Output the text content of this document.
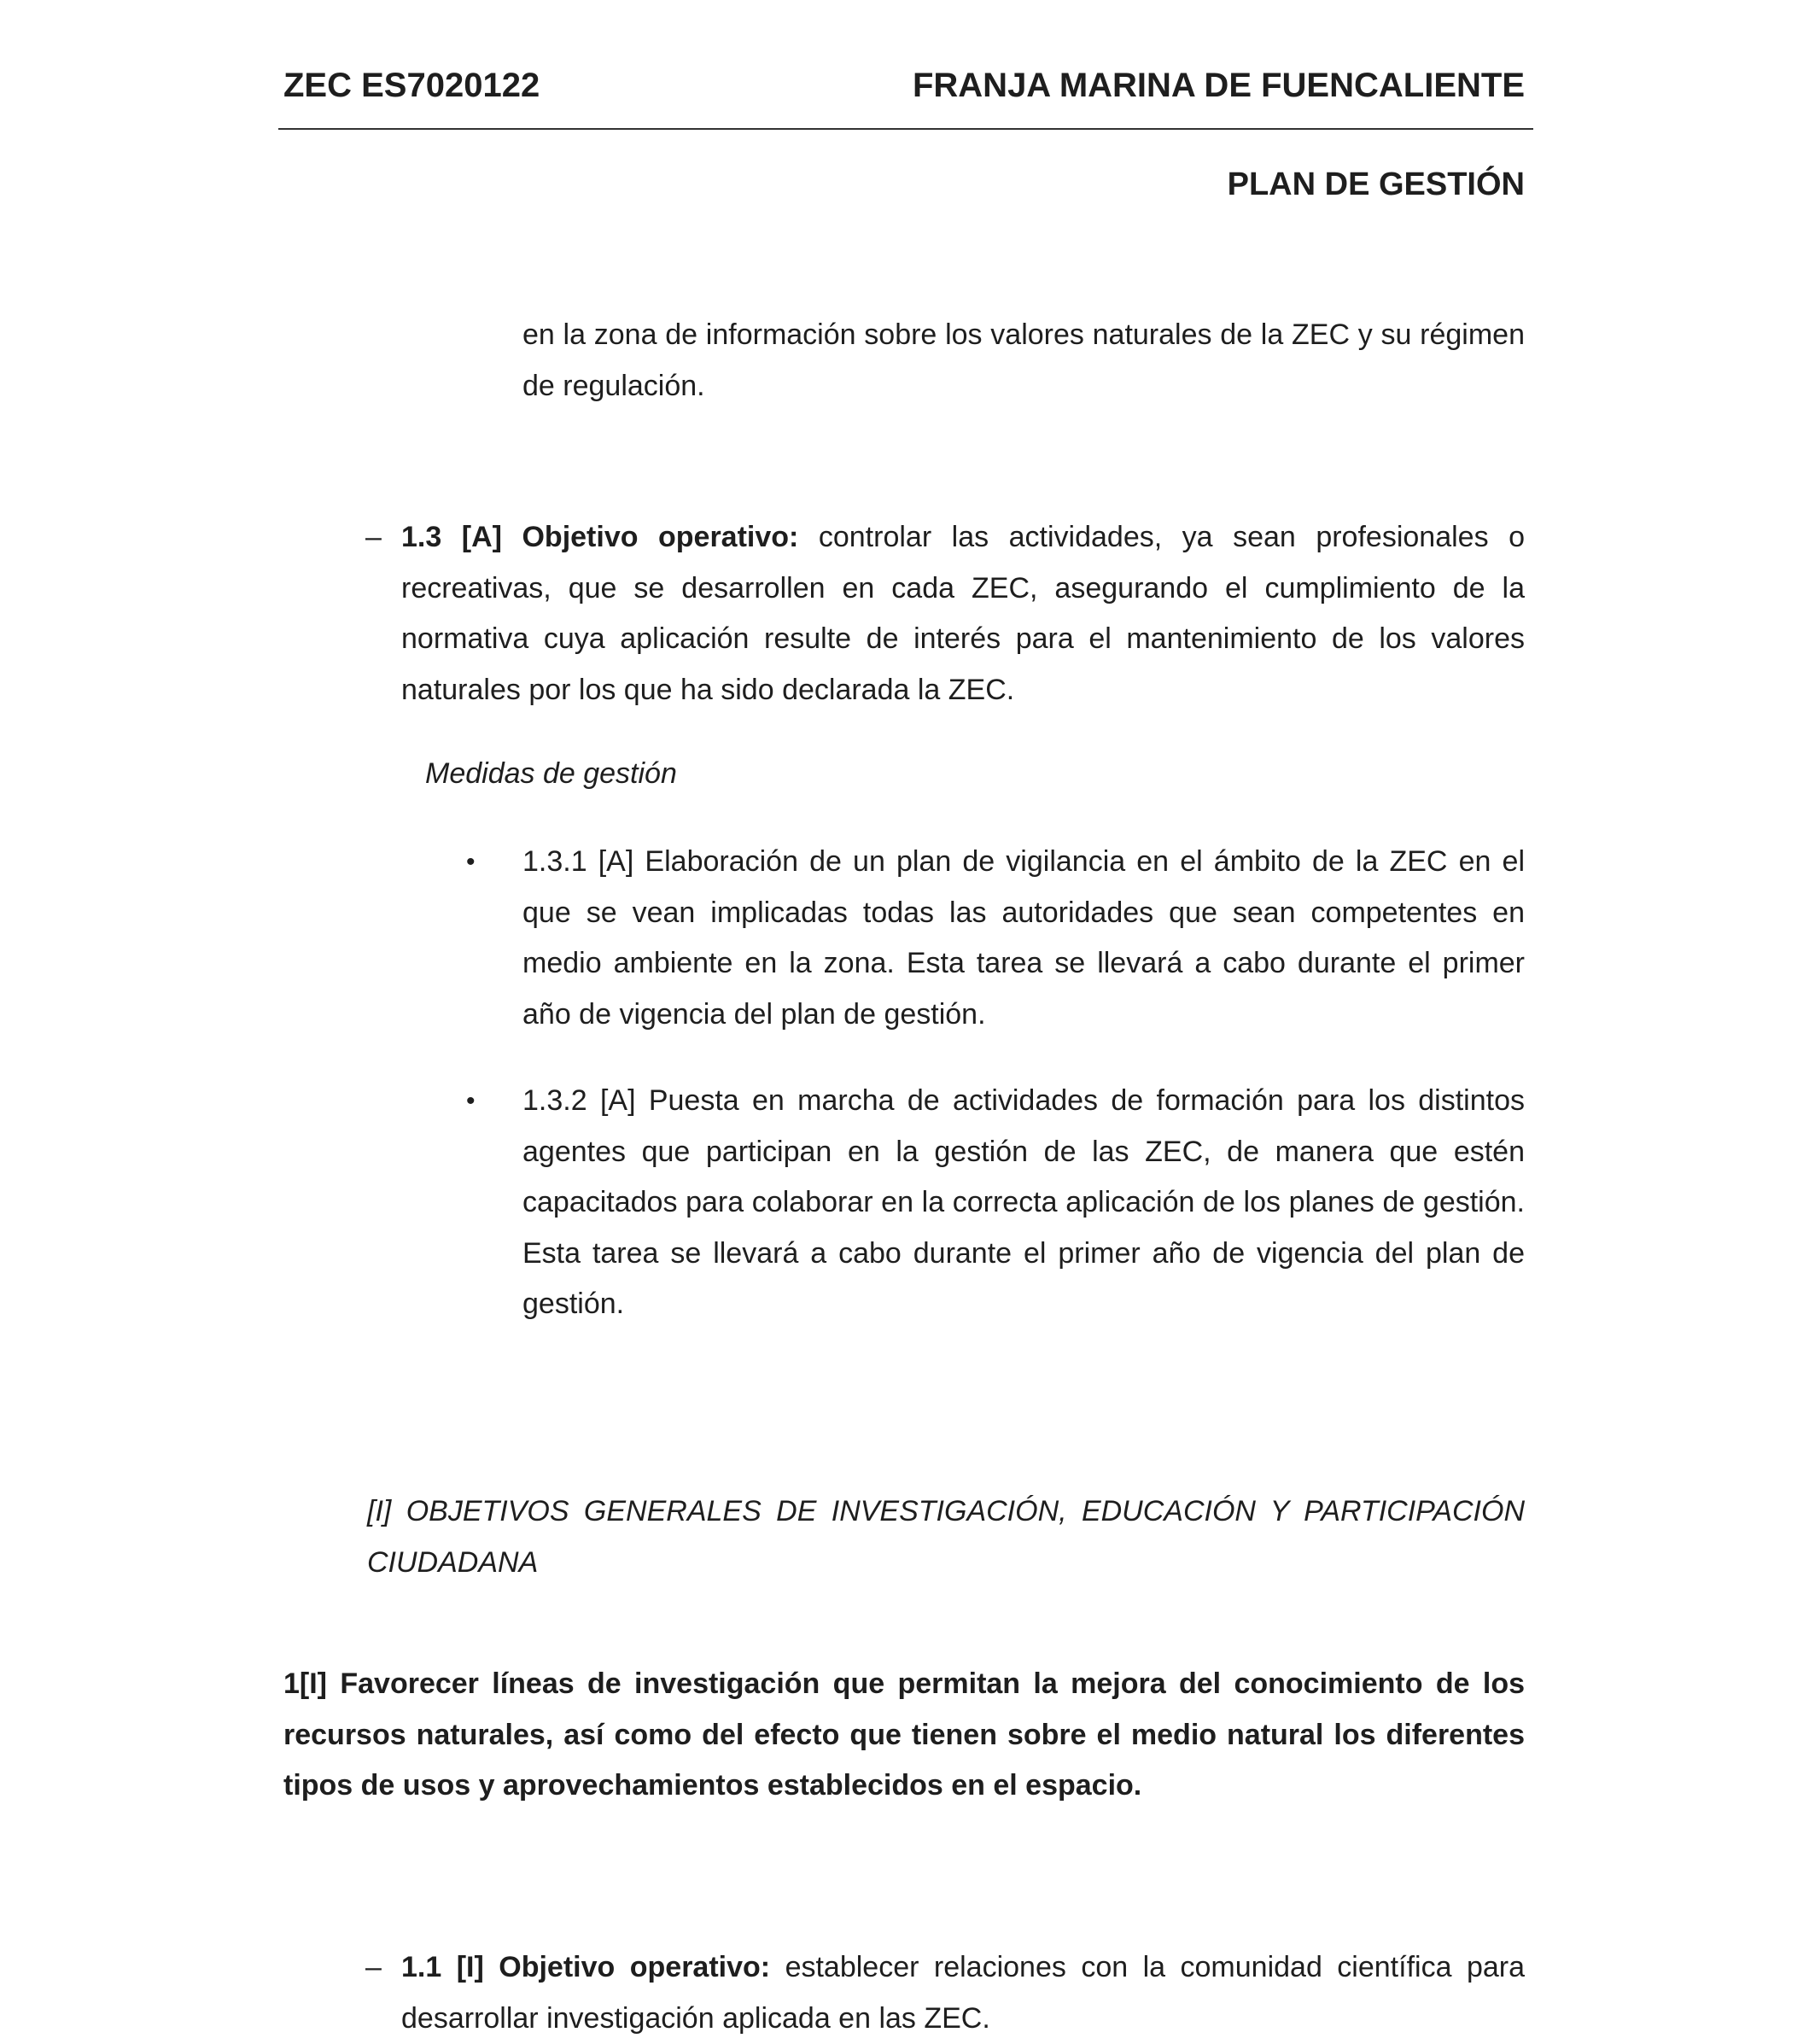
ZEC ES7020122	FRANJA MARINA DE FUENCALIENTE
PLAN DE GESTIÓN
en la zona de información sobre los valores naturales de la ZEC y su régimen de regulación.
– 1.3 [A] Objetivo operativo: controlar las actividades, ya sean profesionales o recreativas, que se desarrollen en cada ZEC, asegurando el cumplimiento de la normativa cuya aplicación resulte de interés para el mantenimiento de los valores naturales por los que ha sido declarada la ZEC.
Medidas de gestión
• 1.3.1 [A] Elaboración de un plan de vigilancia en el ámbito de la ZEC en el que se vean implicadas todas las autoridades que sean competentes en medio ambiente en la zona. Esta tarea se llevará a cabo durante el primer año de vigencia del plan de gestión.
• 1.3.2 [A] Puesta en marcha de actividades de formación para los distintos agentes que participan en la gestión de las ZEC, de manera que estén capacitados para colaborar en la correcta aplicación de los planes de gestión. Esta tarea se llevará a cabo durante el primer año de vigencia del plan de gestión.
[I] OBJETIVOS GENERALES DE INVESTIGACIÓN, EDUCACIÓN Y PARTICIPACIÓN CIUDADANA
1[I] Favorecer líneas de investigación que permitan la mejora del conocimiento de los recursos naturales, así como del efecto que tienen sobre el medio natural los diferentes tipos de usos y aprovechamientos establecidos en el espacio.
– 1.1 [I] Objetivo operativo: establecer relaciones con la comunidad científica para desarrollar investigación aplicada en las ZEC.
